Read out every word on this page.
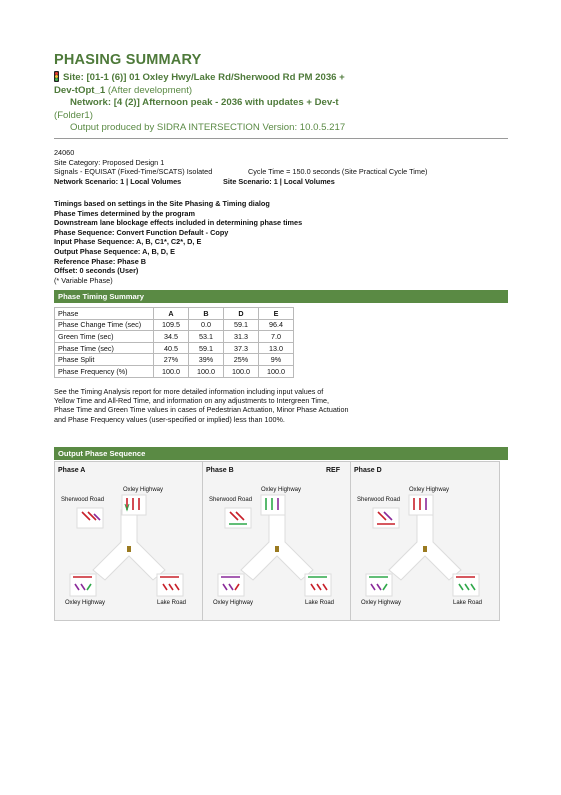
PHASING SUMMARY
Site: [01-1 (6)] 01 Oxley Hwy/Lake Rd/Sherwood Rd PM 2036 +
Dev-tOpt_1 (After development)
Network: [4 (2)] Afternoon peak - 2036 with updates + Dev-t
(Folder1)
Output produced by SIDRA INTERSECTION Version: 10.0.5.217
24060
Site Category: Proposed Design 1
Signals - EQUISAT (Fixed-Time/SCATS) Isolated	Cycle Time = 150.0 seconds (Site Practical Cycle Time)
Network Scenario: 1 | Local Volumes	Site Scenario: 1 | Local Volumes
Timings based on settings in the Site Phasing & Timing dialog
Phase Times determined by the program
Downstream lane blockage effects included in determining phase times
Phase Sequence: Convert Function Default - Copy
Input Phase Sequence: A, B, C1*, C2*, D, E
Output Phase Sequence: A, B, D, E
Reference Phase: Phase B
Offset: 0 seconds (User)
(* Variable Phase)
Phase Timing Summary
Phase	A	B	D	E
Phase Change Time (sec)	109.5	0.0	59.1	96.4
Green Time (sec)	34.5	53.1	31.3	7.0
Phase Time (sec)	40.5	59.1	37.3	13.0
Phase Split	27%	39%	25%	9%
Phase Frequency (%)	100.0	100.0	100.0	100.0
See the Timing Analysis report for more detailed information including input values of
Yellow Time and All-Red Time, and information on any adjustments to Intergreen Time,
Phase Time and Green Time values in cases of Pedestrian Actuation, Minor Phase Actuation
and Phase Frequency values (user-specified or implied) less than 100%.
Output Phase Sequence
Phase A
Sherwood Road
Oxley Highway
Oxley Highway	Lake Road
Phase B	REF
Sherwood Road
Oxley Highway
Oxley Highway	Lake Road
Phase D
Sherwood Road
Oxley Highway
Oxley Highway	Lake Road
